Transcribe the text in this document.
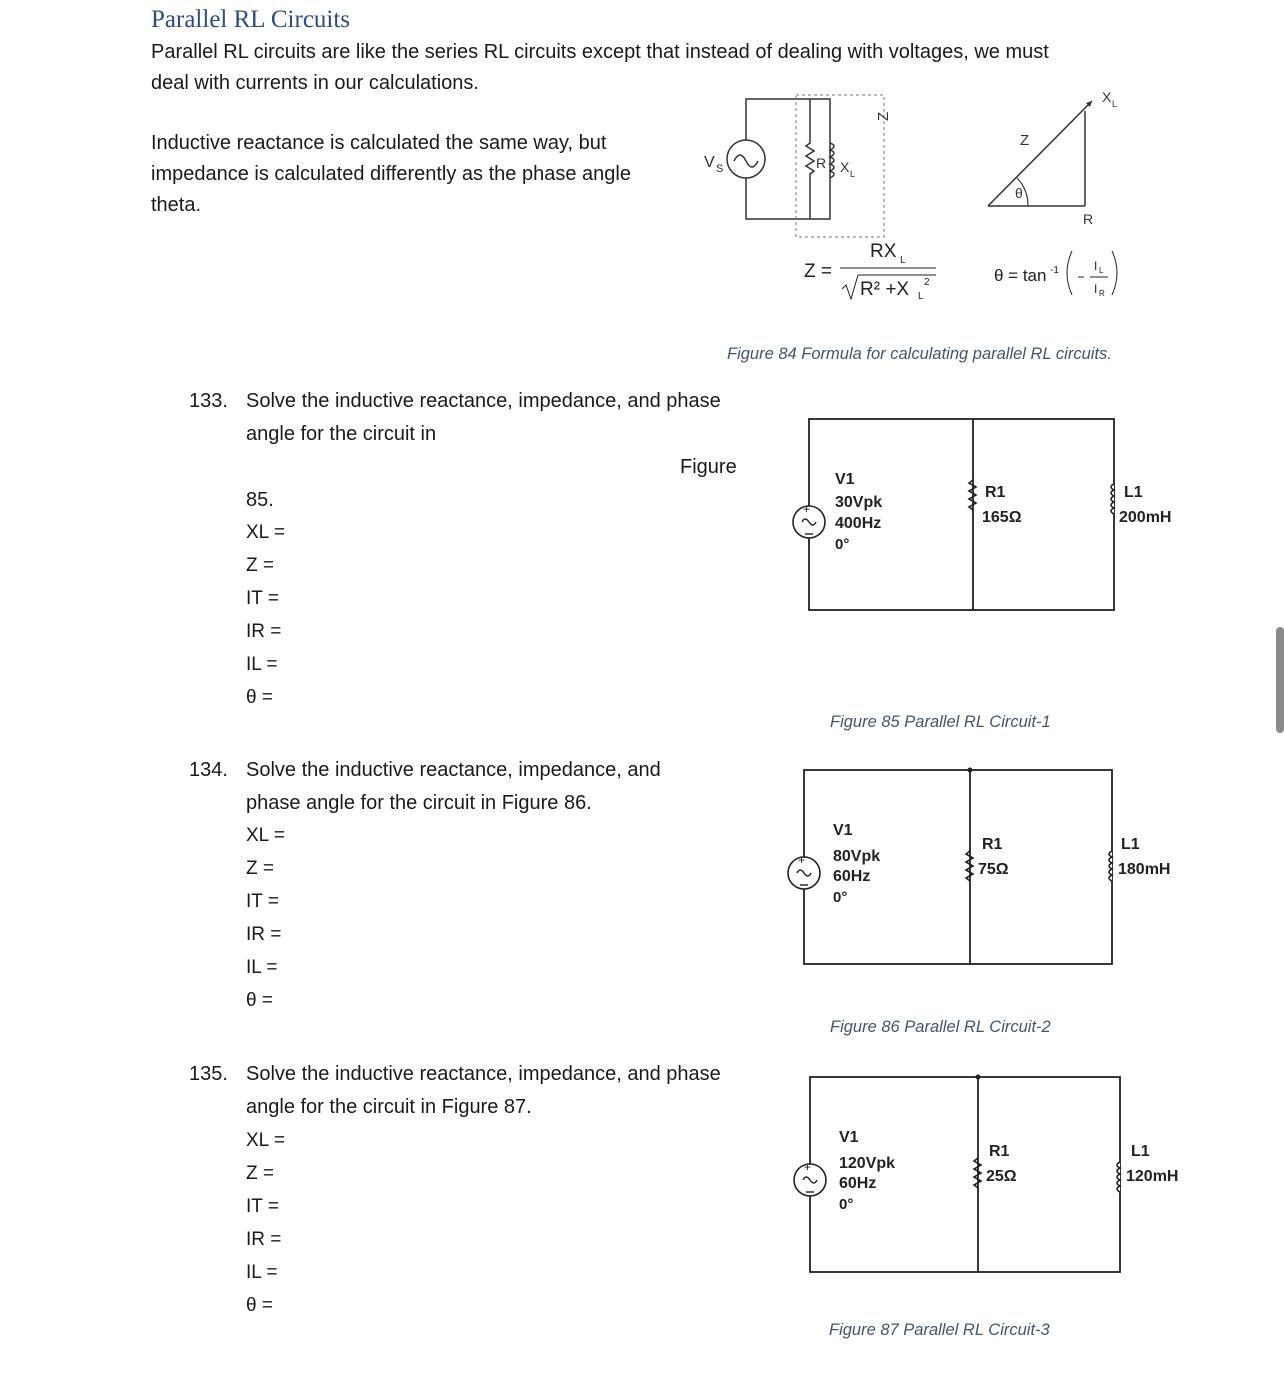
Parallel RL Circuits
Parallel RL circuits are like the series RL circuits except that instead of dealing with voltages, we must
deal with currents in our calculations.
Inductive reactance is calculated the same way, but
impedance is calculated differently as the phase angle
theta.
V S	R X L
Z
θ
Z
R
X L
Z =
RX L
R² +X L
2	θ = tan -1	I L
I R
Figure 84 Formula for calculating parallel RL circuits.
133. Solve the inductive reactance, impedance, and phase
angle for the circuit in
Figure
85.
XL =
Z =
IT =
IR =
IL =
θ =
134. Solve the inductive reactance, impedance, and
phase angle for the circuit in Figure 86.
XL =
Z =
IT =
IR =
IL =
θ =
135. Solve the inductive reactance, impedance, and phase
angle for the circuit in Figure 87.
XL =
Z =
IT =
IR =
IL =
θ =
+
V1
30Vpk
400Hz
0°
R1
165Ω
L1
200mH
Figure 85 Parallel RL Circuit-1
+
V1
80Vpk
60Hz
0°
R1
75Ω
L1
180mH
Figure 86 Parallel RL Circuit-2
+
V1
120Vpk
60Hz
0°
R1
25Ω
L1
120mH
Figure 87 Parallel RL Circuit-3
